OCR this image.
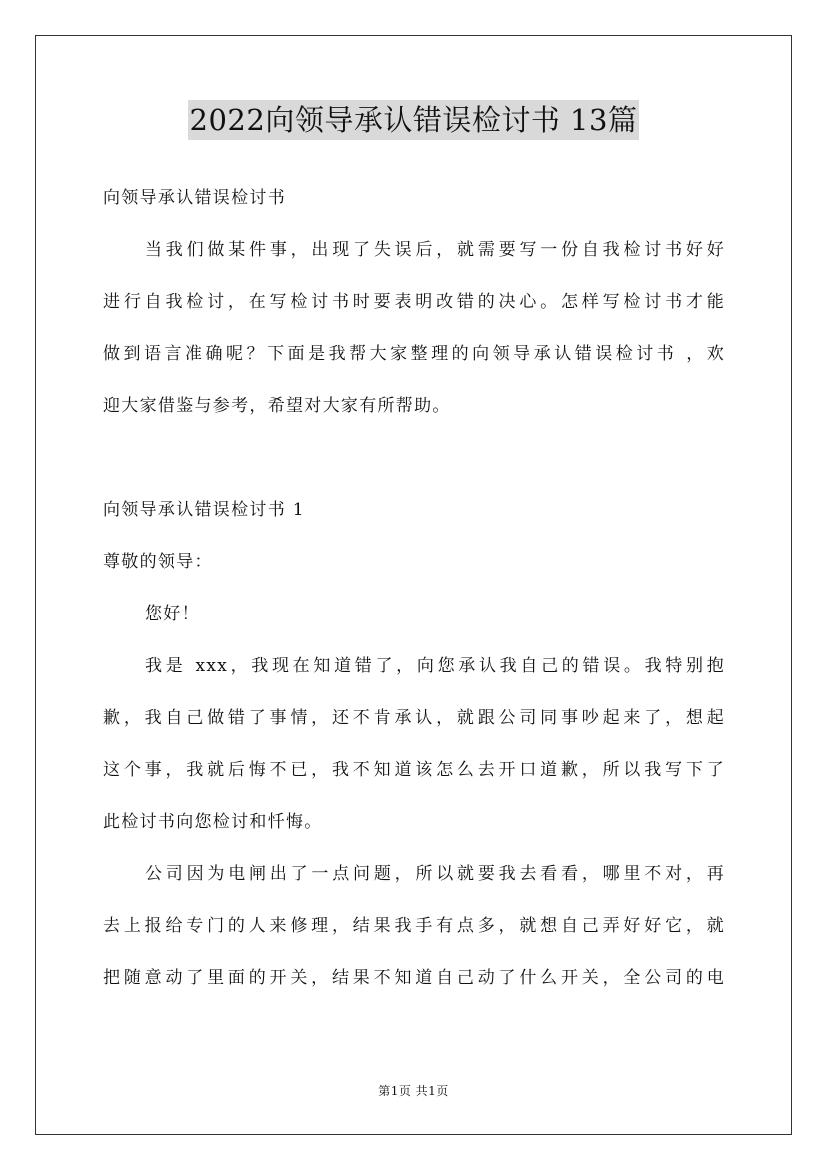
2022向领导承认错误检讨书 13篇
向领导承认错误检讨书
当我们做某件事，出现了失误后，就需要写一份自我检讨书好好
进行自我检讨，在写检讨书时要表明改错的决心。怎样写检讨书才能
做到语言准确呢？下面是我帮大家整理的向领导承认错误检讨书 ，欢
迎大家借鉴与参考，希望对大家有所帮助。
向领导承认错误检讨书 1
尊敬的领导：
您好！
我是 xxx，我现在知道错了，向您承认我自己的错误。我特别抱
歉，我自己做错了事情，还不肯承认，就跟公司同事吵起来了，想起
这个事，我就后悔不已，我不知道该怎么去开口道歉，所以我写下了
此检讨书向您检讨和忏悔。
公司因为电闸出了一点问题，所以就要我去看看，哪里不对，再
去上报给专门的人来修理，结果我手有点多，就想自己弄好好它，就
把随意动了里面的开关，结果不知道自己动了什么开关，全公司的电
第1页 共1页
